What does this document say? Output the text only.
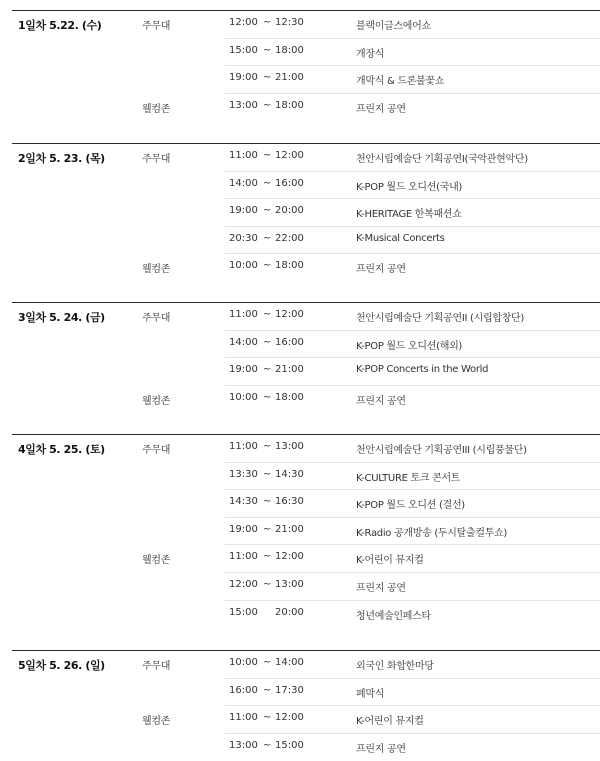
1일차 5.22. (수)	주무대	12:00 ~ 12:30	블랙이글스에어쇼
15:00 ~ 18:00	개장식
19:00 ~ 21:00	개막식 & 드론불꽃쇼
웰컴존	13:00 ~ 18:00	프린지 공연
2일차 5. 23. (목)	주무대	11:00 ~ 12:00	천안시립예술단 기획공연I(국악관현악단)
14:00 ~ 16:00	K-POP 월드 오디션(국내)
19:00 ~ 20:00	K-HERITAGE 한복패션쇼
20:30 ~ 22:00	K-Musical Concerts
웰컴존	10:00 ~ 18:00	프린지 공연
3일차 5. 24. (금)	주무대	11:00 ~ 12:00	천안시립예술단 기획공연II (시립합창단)
14:00 ~ 16:00	K-POP 월드 오디션(해외)
19:00 ~ 21:00	K-POP Concerts in the World
웰컴존	10:00 ~ 18:00	프린지 공연
4일차 5. 25. (토)	주무대	11:00 ~ 13:00	천안시립예술단 기획공연III (시립풍물단)
13:30 ~ 14:30	K-CULTURE 토크 콘서트
14:30 ~ 16:30	K-POP 월드 오디션 (결선)
19:00 ~ 21:00	K-Radio 공개방송 (두시탈출컬투쇼)
웰컴존	11:00 ~ 12:00	K-어린이 뮤지컬
12:00 ~ 13:00	프린지 공연
15:00 20:00	청년예술인페스타
5일차 5. 26. (일)	주무대	10:00 ~ 14:00	외국인 화합한마당
16:00 ~ 17:30	폐막식
웰컴존	11:00 ~ 12:00	K-어린이 뮤지컬
13:00 ~ 15:00	프린지 공연
